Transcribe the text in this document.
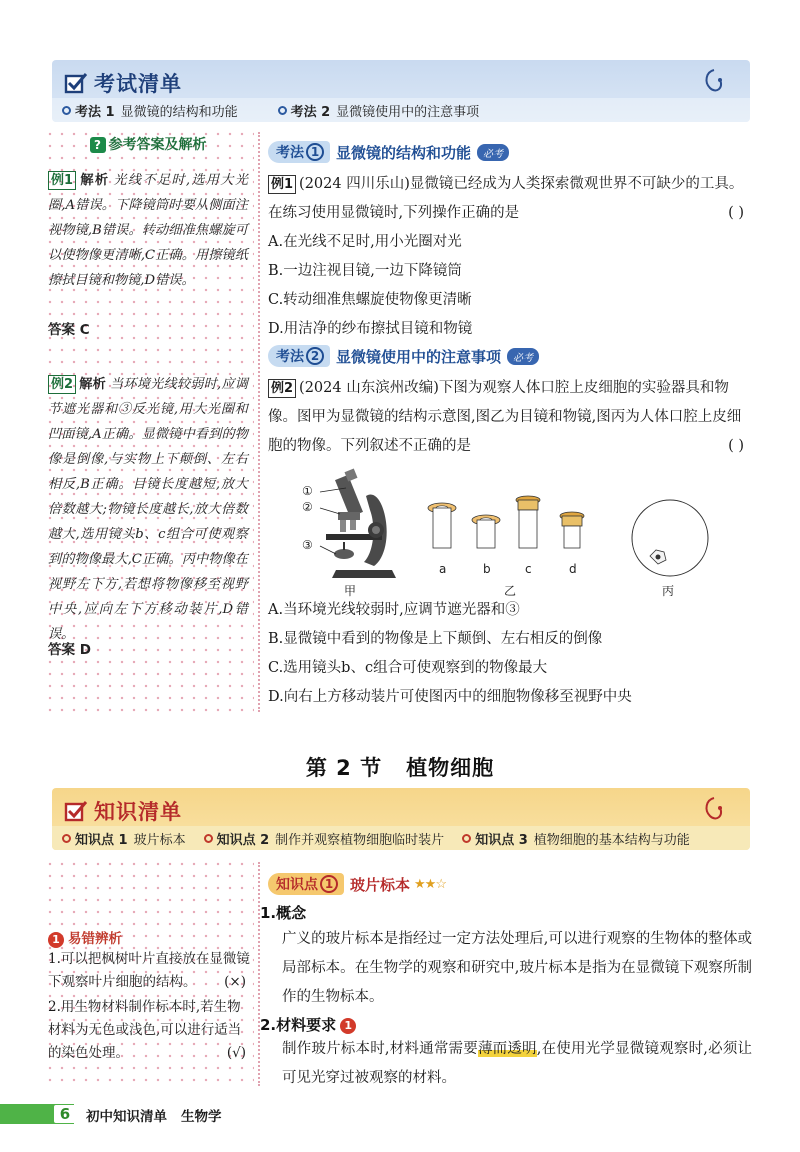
考试清单
考法 1 显微镜的结构和功能	考法 2 显微镜使用中的注意事项
? 参考答案及解析
例1 解析 光线不足时,选用大光圈,A错误。下降镜筒时要从侧面注视物镜,B错误。转动细准焦螺旋可以使物像更清晰,C正确。用擦镜纸擦拭目镜和物镜,D错误。
答案 C
例2 解析 当环境光线较弱时,应调节遮光器和③反光镜,用大光圈和凹面镜,A正确。显微镜中看到的物像是倒像,与实物上下颠倒、左右相反,B正确。目镜长度越短,放大倍数越大;物镜长度越长,放大倍数越大,选用镜头b、c组合可使观察到的物像最大,C正确。丙中物像在视野左下方,若想将物像移至视野中央,应向左下方移动装片,D错误。
答案 D
考法 1	显微镜的结构和功能	必考
例1 (2024 四川乐山)显微镜已经成为人类探索微观世界不可缺少的工具。在练习使用显微镜时,下列操作正确的是	( )
A.在光线不足时,用小光圈对光
B.一边注视目镜,一边下降镜筒
C.转动细准焦螺旋使物像更清晰
D.用洁净的纱布擦拭目镜和物镜
考法 2	显微镜使用中的注意事项	必考
例2 (2024 山东滨州改编)下图为观察人体口腔上皮细胞的实验器具和物像。图甲为显微镜的结构示意图,图乙为目镜和物镜,图丙为人体口腔上皮细胞的物像。下列叙述不正确的是	( )
①
②
③
甲
a	b	c	d
乙	丙
A.当环境光线较弱时,应调节遮光器和③
B.显微镜中看到的物像是上下颠倒、左右相反的倒像
C.选用镜头b、c组合可使观察到的物像最大
D.向右上方移动装片可使图丙中的细胞物像移至视野中央
第 2 节 植物细胞
知识清单
知识点 1 玻片标本 知识点 2 制作并观察植物细胞临时装片 知识点 3 植物细胞的基本结构与功能
1 易错辨析
1.可以把枫树叶片直接放在显微镜下观察叶片细胞的结构。 (×)
2.用生物材料制作标本时,若生物材料为无色或浅色,可以进行适当的染色处理。	(√)
知识点 1	玻片标本 ★★☆
1.概念
广义的玻片标本是指经过一定方法处理后,可以进行观察的生物体的整体或局部标本。在生物学的观察和研究中,玻片标本是指为在显微镜下观察所制作的生物标本。
2.材料要求 1
制作玻片标本时,材料通常需要薄而透明,在使用光学显微镜观察时,必须让可见光穿过被观察的材料。
6	初中知识清单 生物学
